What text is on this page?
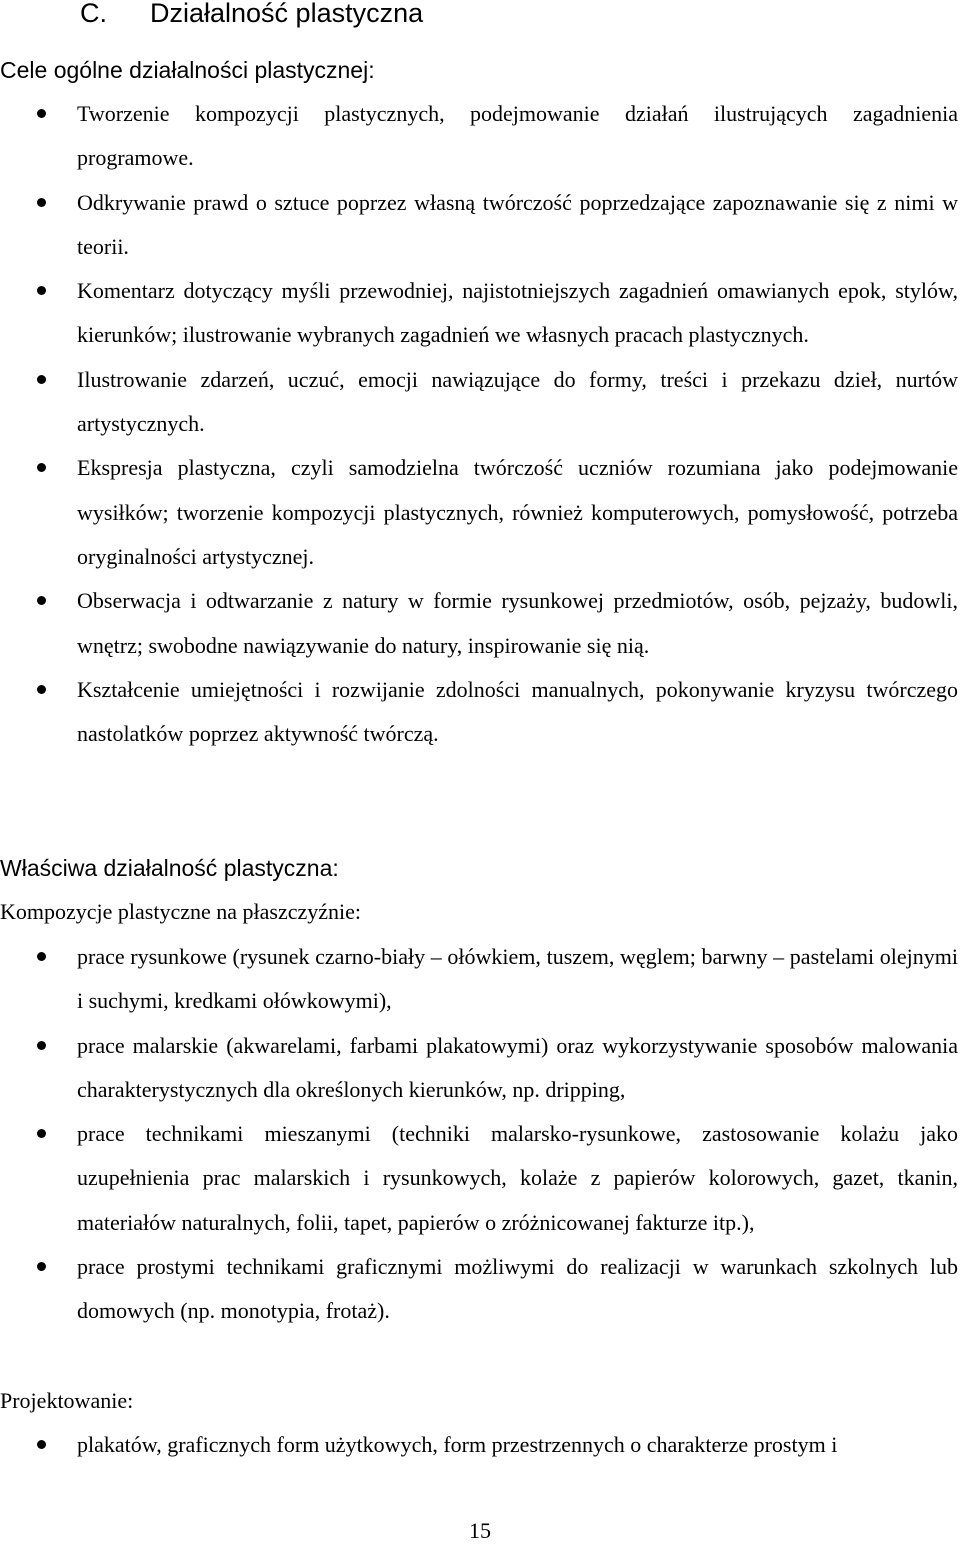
C. Działalność plastyczna
Cele ogólne działalności plastycznej:
Tworzenie kompozycji plastycznych, podejmowanie działań ilustrujących zagadnienia programowe.
Odkrywanie prawd o sztuce poprzez własną twórczość poprzedzające zapoznawanie się z nimi w teorii.
Komentarz dotyczący myśli przewodniej, najistotniejszych zagadnień omawianych epok, stylów, kierunków; ilustrowanie wybranych zagadnień we własnych pracach plastycznych.
Ilustrowanie zdarzeń, uczuć, emocji nawiązujące do formy, treści i przekazu dzieł, nurtów artystycznych.
Ekspresja plastyczna, czyli samodzielna twórczość uczniów rozumiana jako podejmowanie wysiłków; tworzenie kompozycji plastycznych, również komputerowych, pomysłowość, potrzeba oryginalności artystycznej.
Obserwacja i odtwarzanie z natury w formie rysunkowej przedmiotów, osób, pejzaży, budowli, wnętrz; swobodne nawiązywanie do natury, inspirowanie się nią.
Kształcenie umiejętności i rozwijanie zdolności manualnych, pokonywanie kryzysu twórczego nastolatków poprzez aktywność twórczą.
Właściwa działalność plastyczna:
Kompozycje plastyczne na płaszczyźnie:
prace rysunkowe (rysunek czarno-biały – ołówkiem, tuszem, węglem; barwny – pastelami olejnymi i suchymi, kredkami ołówkowymi),
prace malarskie (akwarelami, farbami plakatowymi) oraz wykorzystywanie sposobów malowania charakterystycznych dla określonych kierunków, np. dripping,
prace technikami mieszanymi (techniki malarsko-rysunkowe, zastosowanie kolażu jako uzupełnienia prac malarskich i rysunkowych, kolaże z papierów kolorowych, gazet, tkanin, materiałów naturalnych, folii, tapet, papierów o zróżnicowanej fakturze itp.),
prace prostymi technikami graficznymi możliwymi do realizacji w warunkach szkolnych lub domowych (np. monotypia, frotaż).
Projektowanie:
plakatów, graficznych form użytkowych, form przestrzennych o charakterze prostym i
15
